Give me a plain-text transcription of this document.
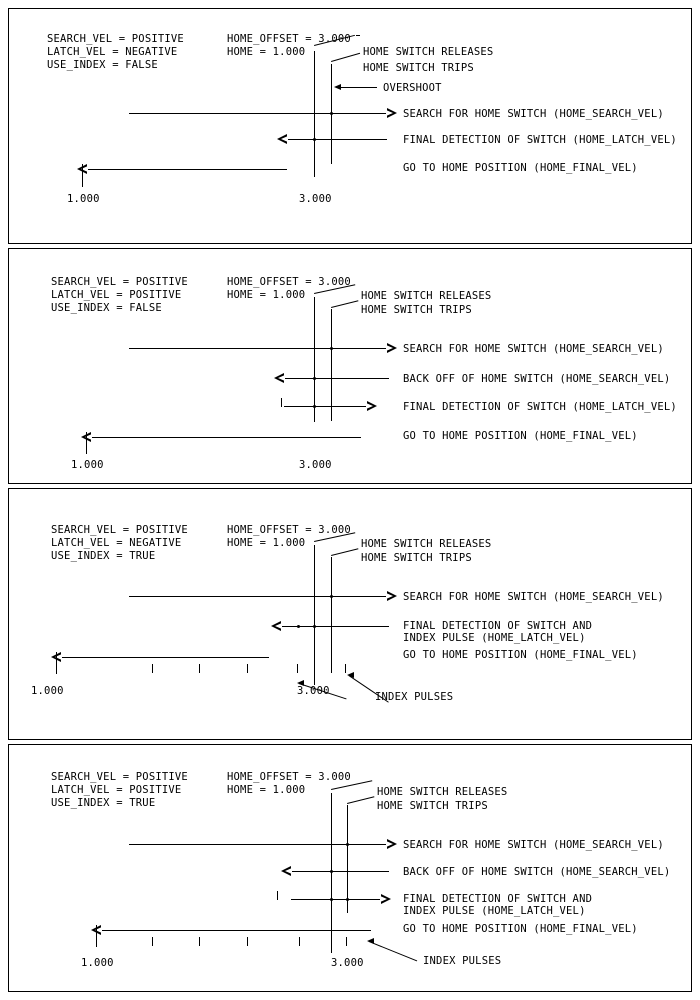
SEARCH_VEL = POSITIVE
LATCH_VEL = NEGATIVE
USE_INDEX = FALSE
HOME_OFFSET = 3.000
HOME = 1.000	HOME SWITCH RELEASES
HOME SWITCH TRIPS
OVERSHOOT
SEARCH FOR HOME SWITCH (HOME_SEARCH_VEL)
FINAL DETECTION OF SWITCH (HOME_LATCH_VEL)
GO TO HOME POSITION (HOME_FINAL_VEL)
1.000	3.000
SEARCH_VEL = POSITIVE
LATCH_VEL = POSITIVE
USE_INDEX = FALSE
HOME_OFFSET = 3.000
HOME = 1.000	HOME SWITCH RELEASES
HOME SWITCH TRIPS
SEARCH FOR HOME SWITCH (HOME_SEARCH_VEL)
BACK OFF OF HOME SWITCH (HOME_SEARCH_VEL)
FINAL DETECTION OF SWITCH (HOME_LATCH_VEL)
GO TO HOME POSITION (HOME_FINAL_VEL)
1.000	3.000
SEARCH_VEL = POSITIVE
LATCH_VEL = NEGATIVE
USE_INDEX = TRUE
HOME_OFFSET = 3.000
HOME = 1.000	HOME SWITCH RELEASES
HOME SWITCH TRIPS
SEARCH FOR HOME SWITCH (HOME_SEARCH_VEL)
FINAL DETECTION OF SWITCH AND
INDEX PULSE (HOME_LATCH_VEL)
GO TO HOME POSITION (HOME_FINAL_VEL)
1.000	3.000	INDEX PULSES
SEARCH_VEL = POSITIVE
LATCH_VEL = POSITIVE
USE_INDEX = TRUE
HOME_OFFSET = 3.000
HOME = 1.000	HOME SWITCH RELEASES
HOME SWITCH TRIPS
SEARCH FOR HOME SWITCH (HOME_SEARCH_VEL)
BACK OFF OF HOME SWITCH (HOME_SEARCH_VEL)
FINAL DETECTION OF SWITCH AND
INDEX PULSE (HOME_LATCH_VEL)
GO TO HOME POSITION (HOME_FINAL_VEL)
1.000	3.000	INDEX PULSES
